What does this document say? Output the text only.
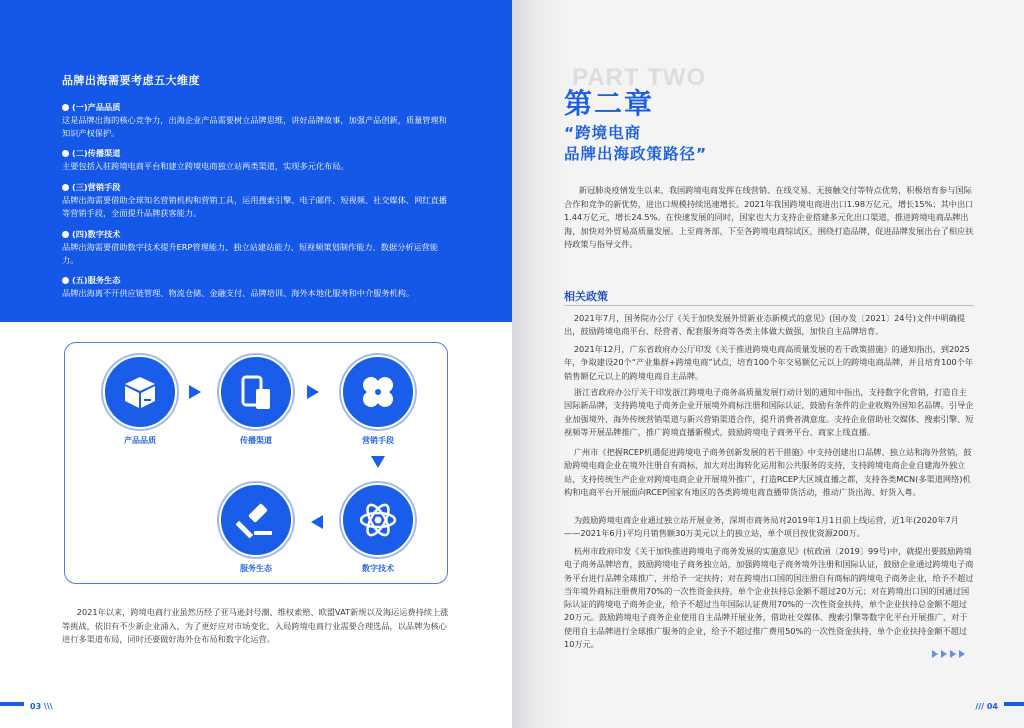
品牌出海需要考虑五大维度
(一)产品品质
这是品牌出海的核心竞争力，出海企业产品需要树立品牌思维，讲好品牌故事，加强产品创新，质量管理和知识产权保护。
(二)传播渠道
主要包括入驻跨境电商平台和建立跨境电商独立站两类渠道，实现多元化布局。
(三)营销手段
品牌出海需要借助全球知名营销机构和营销工具，运用搜索引擎、电子邮件、短视频、社交媒体、网红直播等营销手段，全面提升品牌获客能力。
(四)数字技术
品牌出海需要借助数字技术提升ERP管理能力、独立站建站能力、短视频策划制作能力、数据分析运营能力。
(五)服务生态
品牌出海离不开供应链管理、物流仓储、金融支付、品牌培训、海外本地化服务和中介服务机构。
产品品质	传播渠道	营销手段
数字技术
服务生态
2021年以来，跨境电商行业虽然历经了亚马逊封号潮、维权索赔、欧盟VAT新规以及海运运费持续上涨等挑战，依旧有不少新企业涌入，为了更好应对市场变化，入局跨境电商行业需要合理选品，以品牌为核心进行多渠道布局，同时还要做好海外仓布局和数字化运营。
03 \\\
PART TWO
第二章
“跨境电商
品牌出海政策路径”
新冠肺炎疫情发生以来，我国跨境电商发挥在线营销、在线交易、无接触交付等特点优势，积极培育参与国际合作和竞争的新优势，进出口规模持续迅速增长。2021年我国跨境电商进出口1.98万亿元，增长15%；其中出口1.44万亿元，增长24.5%。在快速发展的同时，国家也大力支持企业搭建多元化出口渠道，推进跨境电商品牌出海，加快对外贸易高质量发展。上至商务部，下至各跨境电商综试区，围绕打造品牌，促进品牌发展出台了相应扶持政策与指导文件。
相关政策
2021年7月，国务院办公厅《关于加快发展外贸新业态新模式的意见》(国办发〔2021〕24号)文件中明确提出，鼓励跨境电商平台、经营者、配套服务商等各类主体做大做强，加快自主品牌培育。
2021年12月，广东省政府办公厅印发《关于推进跨境电商高质量发展的若干政策措施》的通知指出，到2025年，争取建设20个“产业集群+跨境电商”试点，培育100个年交易额亿元以上的跨境电商品牌，并且培育100个年销售额亿元以上的跨境电商自主品牌。
浙江省政府办公厅关于印发浙江跨境电子商务高质量发展行动计划的通知中指出，支持数字化营销，打造自主国际新品牌，支持跨境电子商务企业开展境外商标注册和国际认证，鼓励有条件的企业收购外国知名品牌。引导企业加强境外、海外传统营销渠道与新兴营销渠道合作，提升消费者满意度。支持企业借助社交媒体、搜索引擎、短视频等开展品牌推广，推广跨境直播新模式，鼓励跨境电子商务平台、商家上线直播。
广州市《把握RCEP机遇促进跨境电子商务创新发展的若干措施》中支持创建出口品牌、独立站和海外营销，鼓励跨境电商企业在境外注册自有商标，加大对出海转化运用和公共服务的支持，支持跨境电商企业自建海外独立站，支持传统生产企业对跨境电商企业开展境外推广，打造RCEP大区域直播之都，支持各类MCN(多渠道网络)机构和电商平台开展面向RCEP国家有地区的各类跨境电商直播带货活动，推动广货出海、好货入粤。
为鼓励跨境电商企业通过独立站开展业务，深圳市商务局对2019年1月1日前上线运营，近1年(2020年7月——2021年6月)平均月销售额30万美元以上的独立站，单个项目按优资源200万。
杭州市政府印发《关于加快推进跨境电子商务发展的实施意见》(杭政函〔2019〕99号)中，就提出要鼓励跨境电子商务品牌培育，鼓励跨境电子商务独立站，加强跨境电子商务境外注册和国际认证，鼓励企业通过跨境电子商务平台进行品牌全球推广，并给予一定扶持；对在跨境出口国的国注册自有商标的跨境电子商务企业，给予不超过当年境外商标注册费用70%的一次性资金扶持，单个企业扶持总金额不超过20万元；对在跨境出口国的国通过国际认证的跨境电子商务企业，给予不超过当年国际认证费用70%的一次性资金扶持，单个企业扶持总金额不超过20万元。鼓励跨境电子商务企业使用自主品牌开展业务，借助社交媒体、搜索引擎等数字化平台开展推广，对于使用自主品牌进行全球推广服务的企业，给予不超过推广费用50%的一次性资金扶持，单个企业扶持金额不超过10万元。
/// 04
